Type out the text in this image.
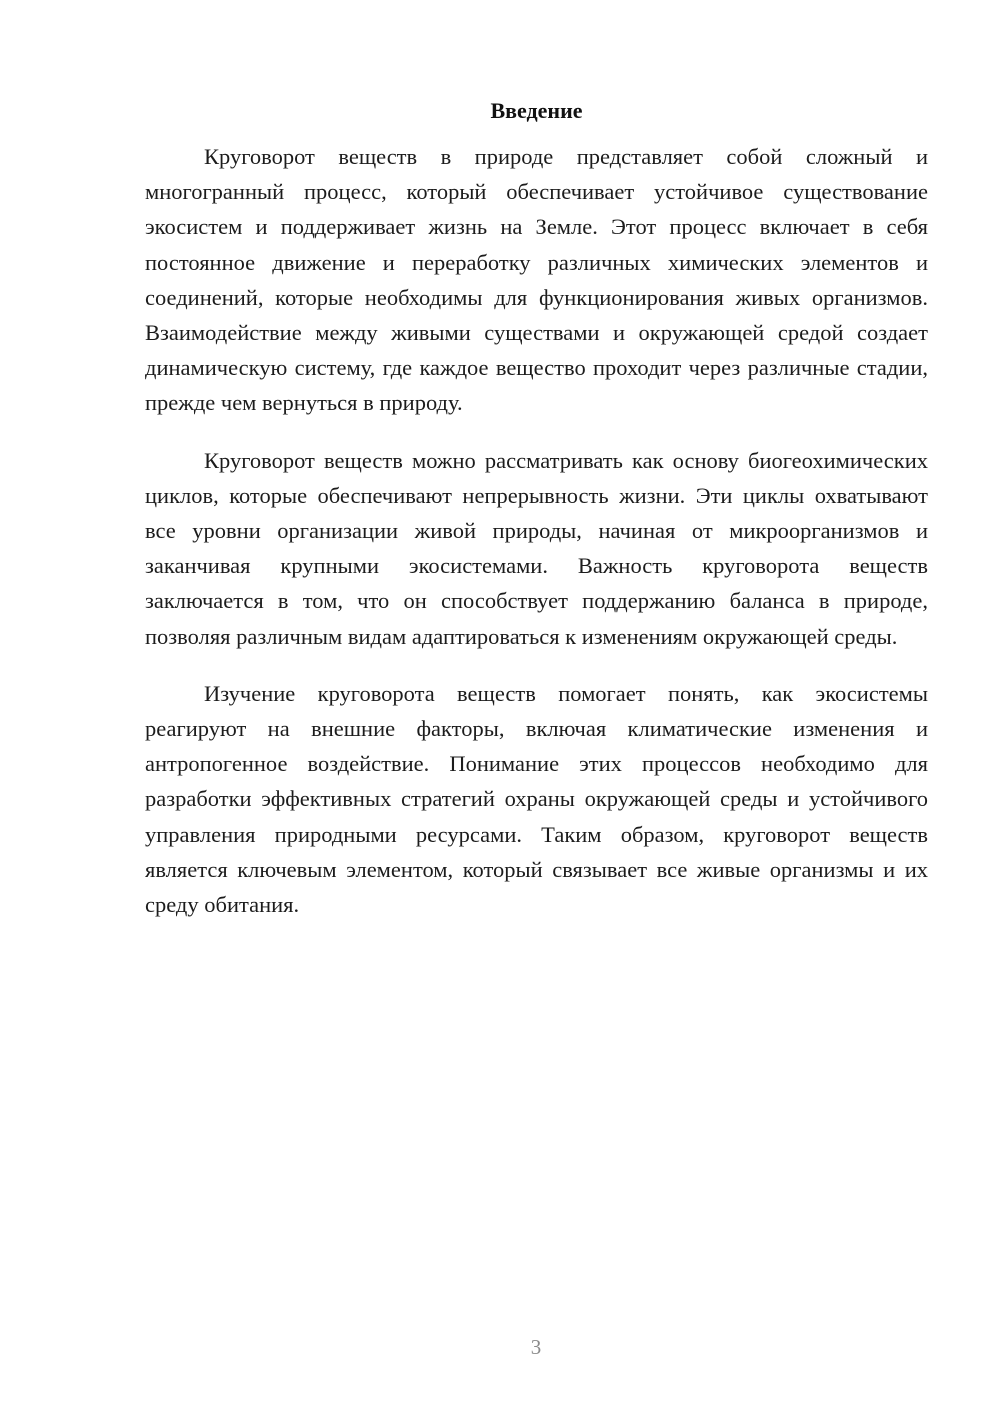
Введение

Круговорот веществ в природе представляет собой сложный и многогранный процесс, который обеспечивает устойчивое существование экосистем и поддерживает жизнь на Земле. Этот процесс включает в себя постоянное движение и переработку различных химических элементов и соединений, которые необходимы для функционирования живых организмов. Взаимодействие между живыми существами и окружающей средой создает динамическую систему, где каждое вещество проходит через различные стадии, прежде чем вернуться в природу.

Круговорот веществ можно рассматривать как основу биогеохимических циклов, которые обеспечивают непрерывность жизни. Эти циклы охватывают все уровни организации живой природы, начиная от микроорганизмов и заканчивая крупными экосистемами. Важность круговорота веществ заключается в том, что он способствует поддержанию баланса в природе, позволяя различным видам адаптироваться к изменениям окружающей среды.

Изучение круговорота веществ помогает понять, как экосистемы реагируют на внешние факторы, включая климатические изменения и антропогенное воздействие. Понимание этих процессов необходимо для разработки эффективных стратегий охраны окружающей среды и устойчивого управления природными ресурсами. Таким образом, круговорот веществ является ключевым элементом, который связывает все живые организмы и их среду обитания.

3
